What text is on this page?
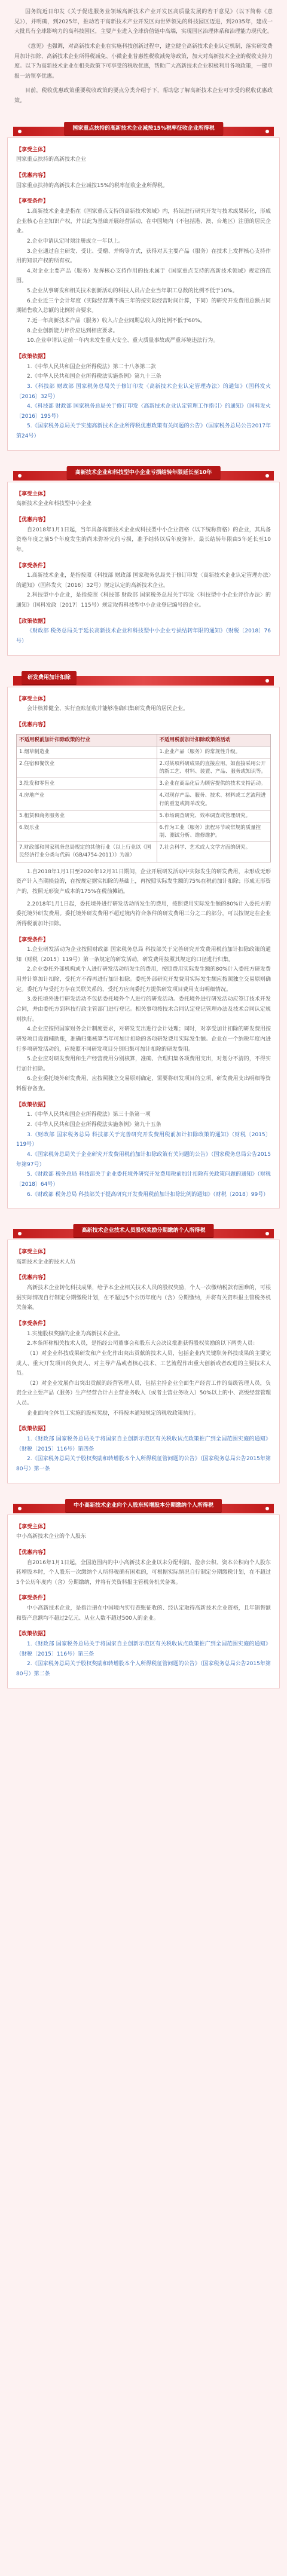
国务院近日印发《关于促进服务业领域高新技术产业开发区高质量发展的若干意见》（以下简称《意见》），并明确，到2025年，推动若干高新技术产业开发区向世界领先的科技园区迈进，到2035年，建成一大批具有全球影响力的高科技园区，主要产业进入全球价值链中高端，实现园区治理体系和治理能力现代化。

《意见》也强调，对高新技术企业在实施科技创新过程中，建立健全高新技术企业认定机制，落实研发费用加计扣除、高新技术企业所得税减免、小微企业普惠性税收减免等政策，加大对高新技术企业的税收支持力度。以下为高新技术企业在相关政策下可享受的税收优惠，帮助广大高新技术企业积极利用各项政策，一键申报一站领享优惠。

目前，税收优惠政策重要税收政策的要点分类介绍于下，帮助您了解高新技术企业可享受的税收优惠政策。

国家重点扶持的高新技术企业减按15%税率征收企业所得税
【享受主体】
国家重点扶持的高新技术企业
【优惠内容】
国家重点扶持的高新技术企业减按15%的税率征收企业所得税。
【享受条件】
1.高新技术企业是指在《国家重点支持的高新技术领域》内，持续进行研究开发与技术成果转化，形成企业核心自主知识产权，并以此为基础开展经营活动，在中国境内（不包括港、澳、台地区）注册的居民企业。
2.企业申请认定时须注册成立一年以上。
3.企业通过自主研发、受让、受赠、并购等方式，获得对其主要产品（服务）在技术上发挥核心支持作用的知识产权的所有权。
4.对企业主要产品（服务）发挥核心支持作用的技术属于《国家重点支持的高新技术领域》规定的范围。
5.企业从事研发和相关技术创新活动的科技人员占企业当年职工总数的比例不低于10%。
6.企业近三个会计年度（实际经营期不满三年的按实际经营时间计算，下同）的研究开发费用总额占同期销售收入总额的比例符合要求。
7.近一年高新技术产品（服务）收入占企业同期总收入的比例不低于60%。
8.企业创新能力评价应达到相应要求。
10.企业申请认定前一年内未发生重大安全、重大质量事故或严重环境违法行为。
【政策依据】
1.《中华人民共和国企业所得税法》第二十八条第二款
2.《中华人民共和国企业所得税法实施条例》第九十三条
3.《科技部 财政部 国家税务总局关于修订印发〈高新技术企业认定管理办法〉的通知》（国科发火〔2016〕32号）
4.《科技部 财政部 国家税务总局关于修订印发〈高新技术企业认定管理工作指引〉的通知》（国科发火〔2016〕195号）
5.《国家税务总局关于实施高新技术企业所得税优惠政策有关问题的公告》（国家税务总局公告2017年第24号）
高新技术企业和科技型中小企业亏损结转年限延长至10年
【享受主体】
高新技术企业和科技型中小企业
【优惠内容】
自2018年1月1日起，当年具备高新技术企业或科技型中小企业资格（以下统称资格）的企业，其具备资格年度之前5个年度发生的尚未弥补完的亏损，准予结转以后年度弥补，最长结转年限由5年延长至10年。
【享受条件】
1.高新技术企业，是指按照《科技部 财政部 国家税务总局关于修订印发〈高新技术企业认定管理办法〉的通知》（国科发火〔2016〕32号）规定认定的高新技术企业。
2.科技型中小企业，是指按照《科技部 财政部 国家税务总局关于印发〈科技型中小企业评价办法〉的通知》（国科发政〔2017〕115号）规定取得科技型中小企业登记编号的企业。
【政策依据】
《财政部 税务总局关于延长高新技术企业和科技型中小企业亏损结转年限的通知》（财税〔2018〕76号）
研发费用加计扣除
【享受主体】
会计核算健全、实行查账征收并能够准确归集研发费用的居民企业。
【优惠内容】
不适用税前加计扣除政策的行业	不适用税前加计扣除政策的活动
1.烟草制造业	1.企业产品（服务）的常规性升级。
2.住宿和餐饮业	2.对某项科研成果的直接应用，如直接采用公开的新工艺、材料、装置、产品、服务或知识等。
3.批发和零售业	3.企业在商品化后为顾客提供的技术支持活动。
4.房地产业	4.对现存产品、服务、技术、材料或工艺流程进行的重复或简单改变。
5.租赁和商务服务业	5.市场调查研究、效率调查或管理研究。
6.娱乐业	6.作为工业（服务）流程环节或常规的质量控制、测试分析、维修维护。
7.财政部和国家税务总局规定的其他行业（以上行业以《国民经济行业分类与代码（GB/4754-2011）》为准）	7.社会科学、艺术或人文学方面的研究。
1.自2018年1月1日至2020年12月31日期间，企业开展研发活动中实际发生的研发费用，未形成无形资产计入当期损益的，在按规定据实扣除的基础上，再按照实际发生额的75%在税前加计扣除；形成无形资产的，按照无形资产成本的175%在税前摊销。
2.2018年1月1日起，委托境外进行研发活动所发生的费用，按照费用实际发生额的80%计入委托方的委托境外研发费用。委托境外研发费用不超过境内符合条件的研发费用三分之二的部分，可以按规定在企业所得税前加计扣除。
【享受条件】
1.企业研发活动为企业按照财政部 国家税务总局 科技部关于完善研究开发费用税前加计扣除政策的通知（财税〔2015〕119号）第一条规定的研发活动，研发费用按照其规定的口径进行归集。
2.企业委托外部机构或个人进行研发活动所发生的费用，按照费用实际发生额的80%计入委托方研发费用并计算加计扣除，受托方不得再进行加计扣除。委托外部研究开发费用实际发生额应按照独立交易原则确定。委托方与受托方存在关联关系的，受托方应向委托方提供研发项目费用支出明细情况。
3.委托境外进行研发活动不包括委托境外个人进行的研发活动。委托境外进行研发活动应签订技术开发合同，并由委托方到科技行政主管部门进行登记。相关事项按技术合同认定登记管理办法及技术合同认定规则执行。
4.企业应按照国家财务会计制度要求，对研发支出进行会计处理；同时，对享受加计扣除的研发费用按研发项目设置辅助账，准确归集核算当年可加计扣除的各项研发费用实际发生额。企业在一个纳税年度内进行多项研发活动的，应按照不同研发项目分别归集可加计扣除的研发费用。
5.企业应对研发费用和生产经营费用分别核算，准确、合理归集各项费用支出，对划分不清的，不得实行加计扣除。
6.企业委托境外研发费用，应按照独立交易原则确定，需要将研发项目的立项、研发费用支出明细等资料留存备查。
【政策依据】
1.《中华人民共和国企业所得税法》第三十条第一项
2.《中华人民共和国企业所得税法实施条例》第九十五条
3.《财政部 国家税务总局 科技部关于完善研究开发费用税前加计扣除政策的通知》（财税〔2015〕119号）
4.《国家税务总局关于企业研究开发费用税前加计扣除政策有关问题的公告》（国家税务总局公告2015年第97号）
5.《财政部 税务总局 科技部关于企业委托境外研究开发费用税前加计扣除有关政策问题的通知》（财税〔2018〕64号）
6.《财政部 税务总局 科技部关于提高研究开发费用税前加计扣除比例的通知》（财税〔2018〕99号）
高新技术企业技术人员股权奖励分期缴纳个人所得税
【享受主体】
高新技术企业的技术人员
【优惠内容】
高新技术企业转化科技成果，给予本企业相关技术人员的股权奖励，个人一次缴纳税款有困难的，可根据实际情况自行制定分期缴税计划，在不超过5个公历年度内（含）分期缴纳，并将有关资料报主管税务机关备案。
【享受条件】
1.实施股权奖励的企业为高新技术企业。
2.本条所称相关技术人员，是指经公司董事会和股东大会决议批准获得股权奖励的以下两类人员：
（1）对企业科技成果研发和产业化作出突出贡献的技术人员，包括企业内关键职务科技成果的主要完成人、重大开发项目的负责人、对主导产品或者核心技术、工艺流程作出重大创新或者改进的主要技术人员。
（2）对企业发展作出突出贡献的经营管理人员，包括主持企业全面生产经营工作的高级管理人员，负责企业主要产品（服务）生产经营合计占主营业务收入（或者主营业务收入）50%以上的中、高级经营管理人员。
企业面向全体员工实施的股权奖励，不得按本通知规定的税收政策执行。
【政策依据】
1.《财政部 国家税务总局关于将国家自主创新示范区有关税收试点政策推广到全国范围实施的通知》（财税〔2015〕116号）第四条
2.《国家税务总局关于股权奖励和转增股本个人所得税征管问题的公告》（国家税务总局公告2015年第80号）第一条
中小高新技术企业向个人股东转增股本分期缴纳个人所得税
【享受主体】
中小高新技术企业的个人股东
【优惠内容】
自2016年1月1日起，全国范围内的中小高新技术企业以未分配利润、盈余公积、资本公积向个人股东转增股本时，个人股东一次缴纳个人所得税确有困难的，可根据实际情况自行制定分期缴税计划，在不超过5个公历年度内（含）分期缴纳，并将有关资料报主管税务机关备案。
【享受条件】
中小高新技术企业，是指注册在中国境内实行查账征收的、经认定取得高新技术企业资格，且年销售额和资产总额均不超过2亿元、从业人数不超过500人的企业。
【政策依据】
1.《财政部 国家税务总局关于将国家自主创新示范区有关税收试点政策推广到全国范围实施的通知》（财税〔2015〕116号）第三条
2.《国家税务总局关于股权奖励和转增股本个人所得税征管问题的公告》（国家税务总局公告2015年第80号）第二条
